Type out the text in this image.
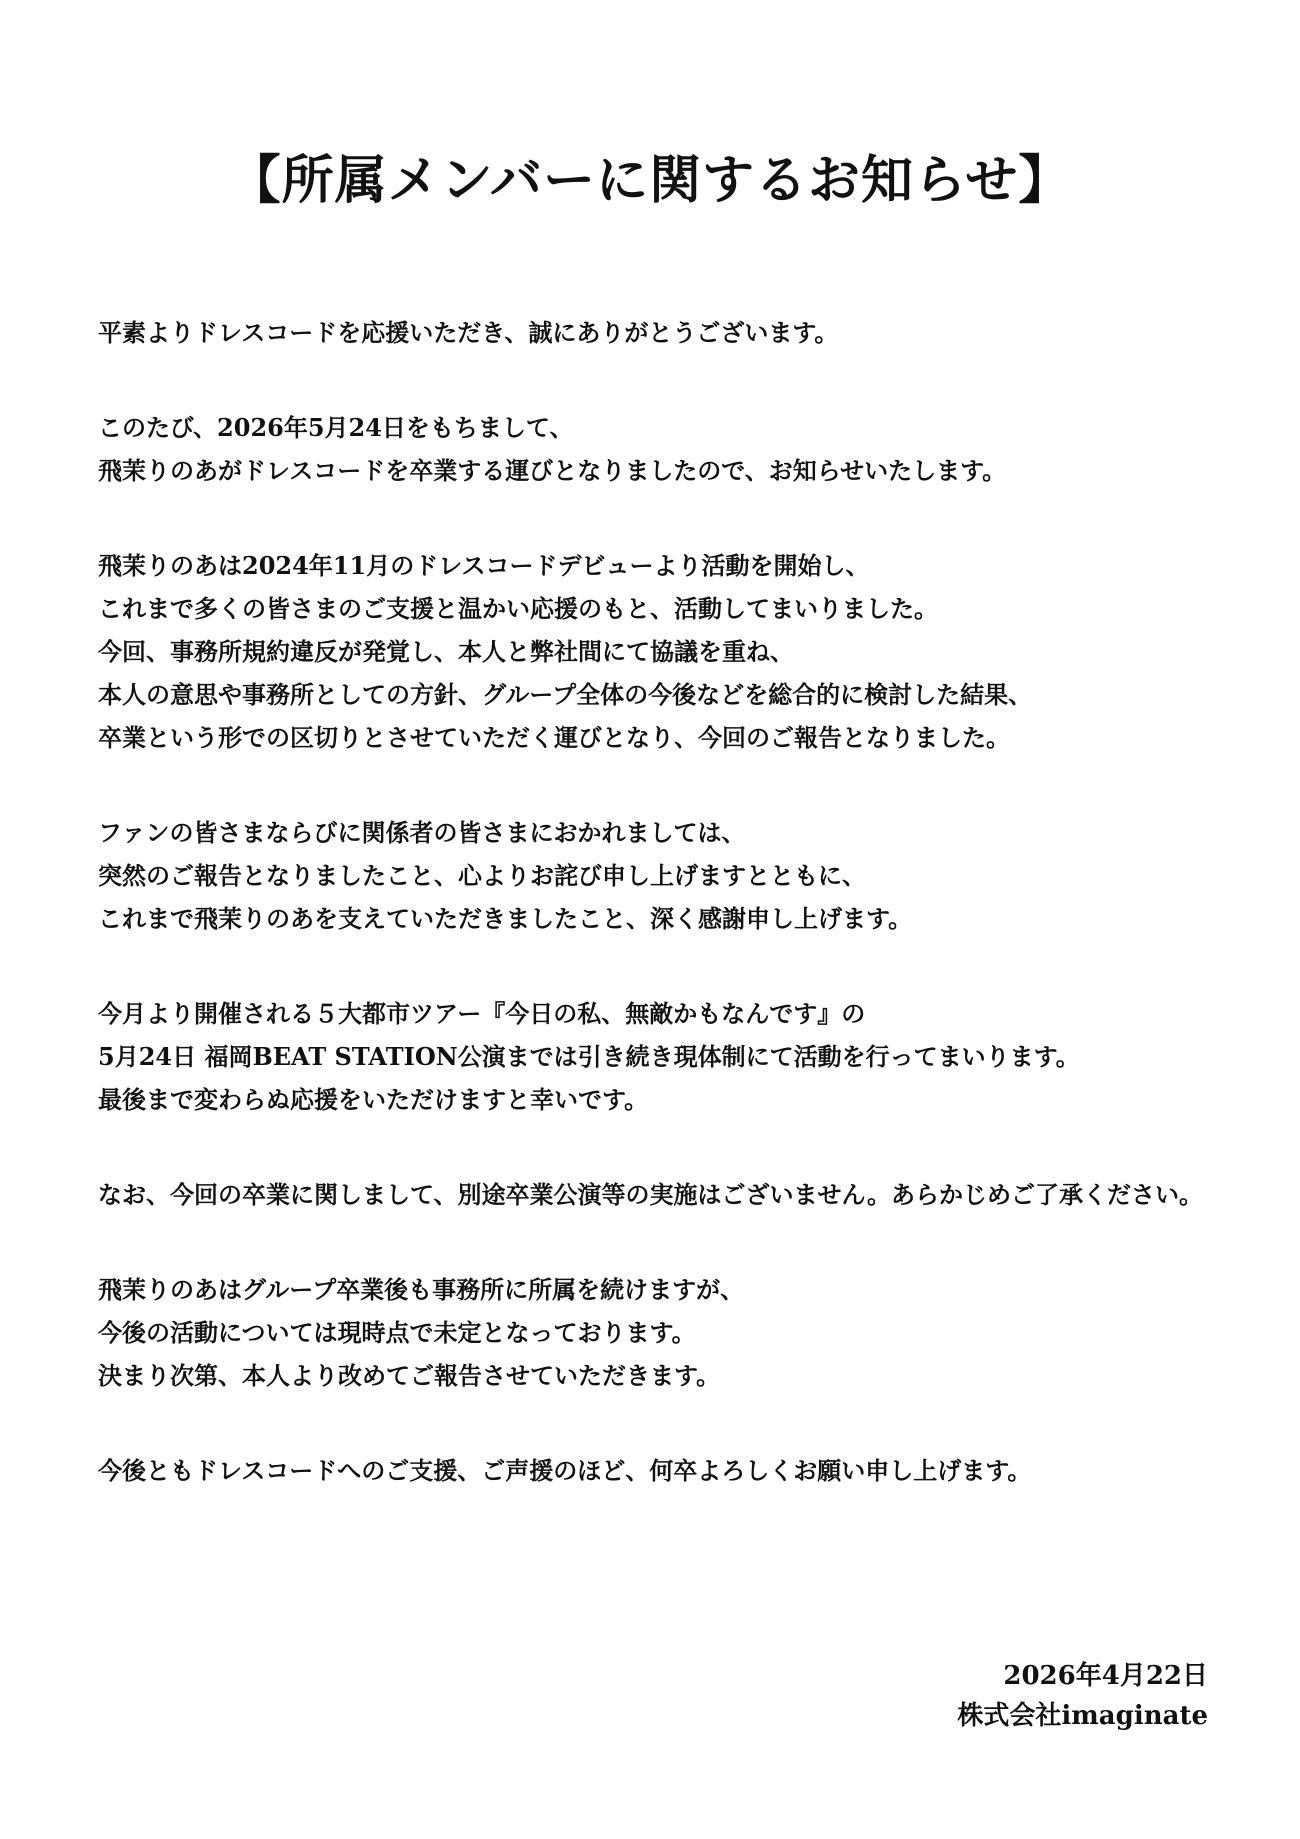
【所属メンバーに関するお知らせ】
平素よりドレスコードを応援いただき、誠にありがとうございます。
このたび、2026年5月24日をもちまして、
飛茉りのあがドレスコードを卒業する運びとなりましたので、お知らせいたします。
飛茉りのあは2024年11月のドレスコードデビューより活動を開始し、
これまで多くの皆さまのご支援と温かい応援のもと、活動してまいりました。
今回、事務所規約違反が発覚し、本人と弊社間にて協議を重ね、
本人の意思や事務所としての方針、グループ全体の今後などを総合的に検討した結果、
卒業という形での区切りとさせていただく運びとなり、今回のご報告となりました。
ファンの皆さまならびに関係者の皆さまにおかれましては、
突然のご報告となりましたこと、心よりお詫び申し上げますとともに、
これまで飛茉りのあを支えていただきましたこと、深く感謝申し上げます。
今月より開催される５大都市ツアー『今日の私、無敵かもなんです』の
5月24日 福岡BEAT STATION公演までは引き続き現体制にて活動を行ってまいります。
最後まで変わらぬ応援をいただけますと幸いです。
なお、今回の卒業に関しまして、別途卒業公演等の実施はございません。あらかじめご了承ください。
飛茉りのあはグループ卒業後も事務所に所属を続けますが、
今後の活動については現時点で未定となっております。
決まり次第、本人より改めてご報告させていただきます。
今後ともドレスコードへのご支援、ご声援のほど、何卒よろしくお願い申し上げます。
2026年4月22日
株式会社imaginate
